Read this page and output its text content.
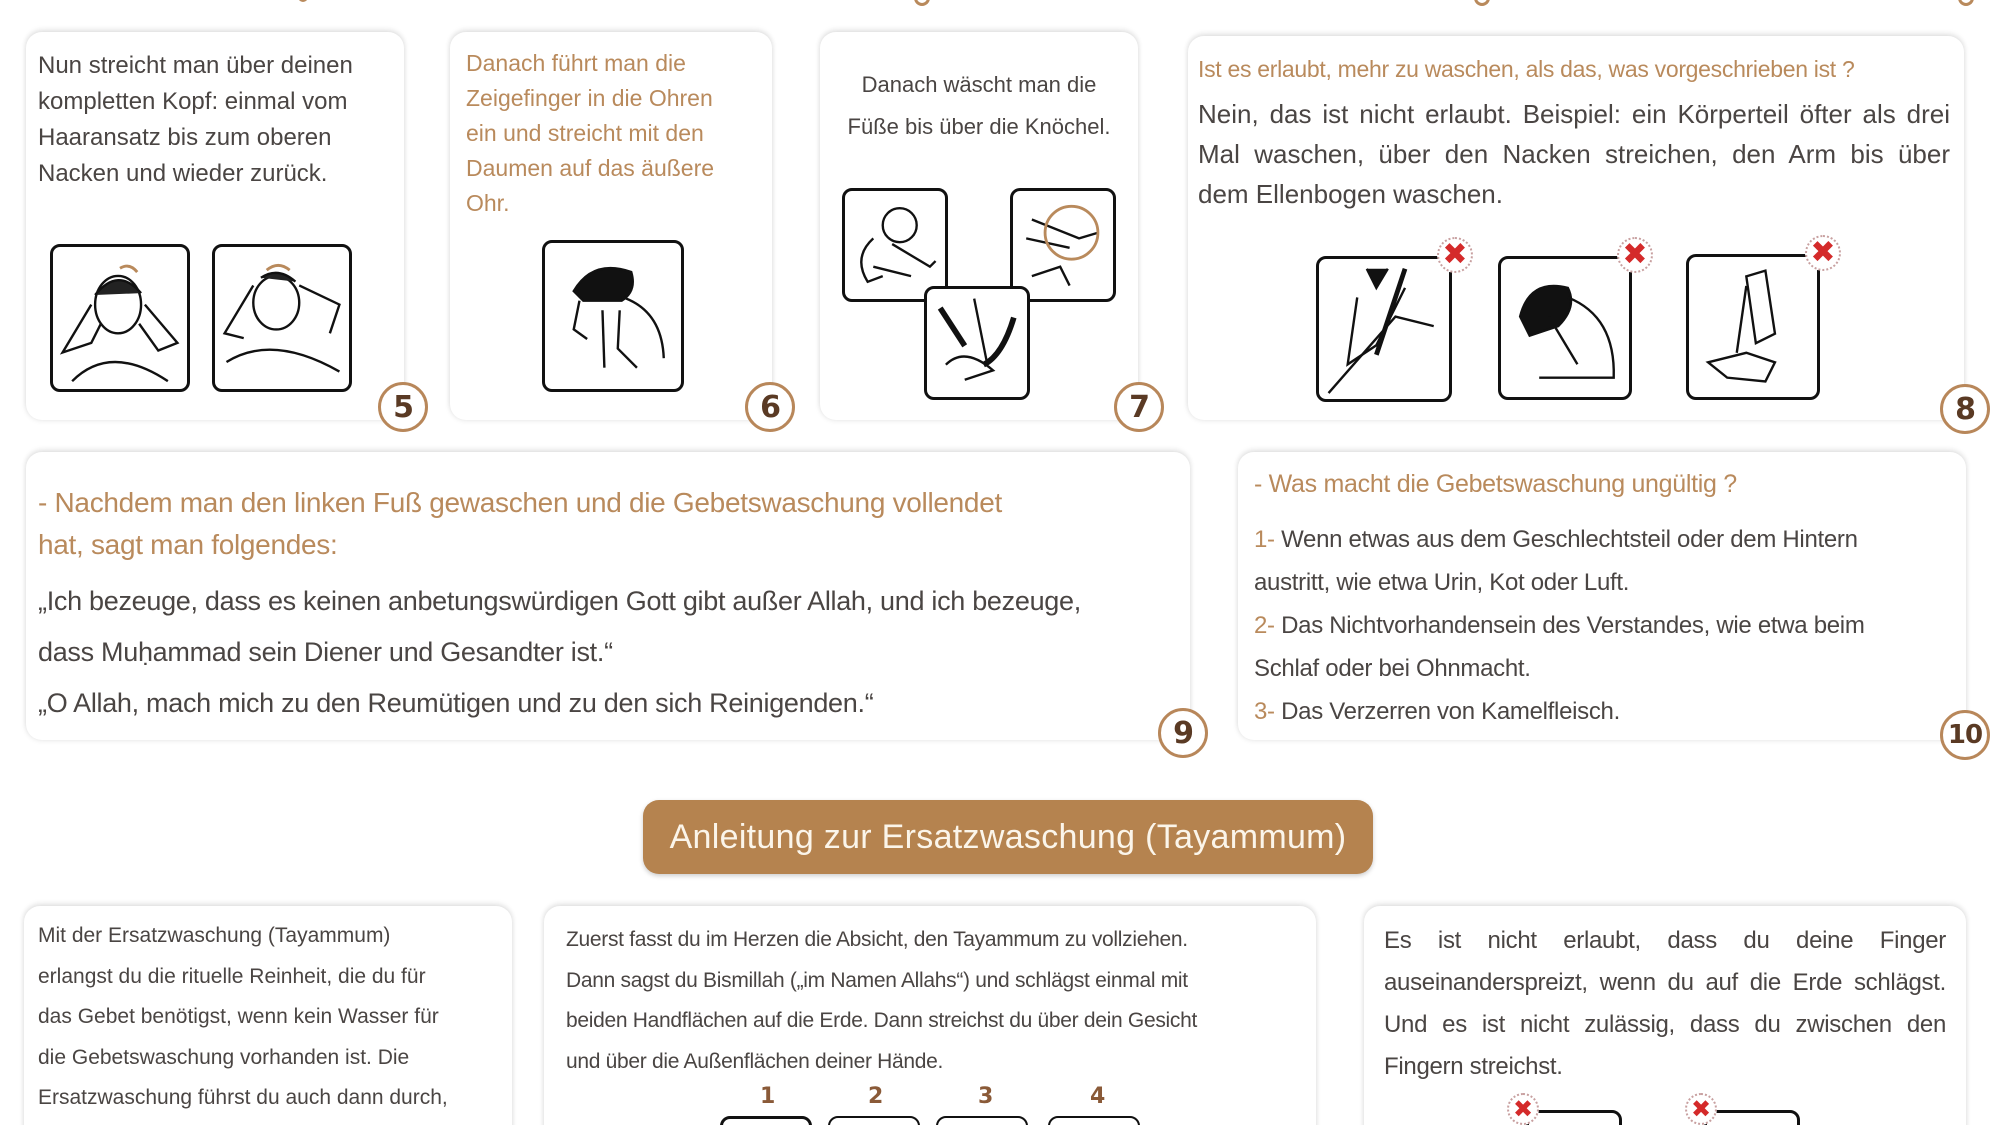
Nun streicht man über deinen
kompletten Kopf: einmal vom
Haaransatz bis zum oberen
Nacken und wieder zurück.
5
Danach führt man die
Zeigefinger in die Ohren
ein und streicht mit den
Daumen auf das äußere
Ohr.
6
Danach wäscht man die
Füße bis über die Knöchel.
7
Ist es erlaubt, mehr zu waschen, als das, was vorgeschrieben ist ?
Nein, das ist nicht erlaubt. Beispiel: ein Körperteil öfter als drei
Mal waschen, über den Nacken streichen, den Arm bis über
dem Ellenbogen waschen.
✖	✖	✖
8
- Nachdem man den linken Fuß gewaschen und die Gebetswaschung vollendet
hat, sagt man folgendes:
„Ich bezeuge, dass es keinen anbetungswürdigen Gott gibt außer Allah, und ich bezeuge,
dass Muḥammad sein Diener und Gesandter ist.“
„O Allah, mach mich zu den Reumütigen und zu den sich Reinigenden.“
9
- Was macht die Gebetswaschung ungültig ?
1- Wenn etwas aus dem Geschlechtsteil oder dem Hintern
austritt, wie etwa Urin, Kot oder Luft.
2- Das Nichtvorhandensein des Verstandes, wie etwa beim
Schlaf oder bei Ohnmacht.
3- Das Verzerren von Kamelfleisch.
10
Anleitung zur Ersatzwaschung (Tayammum)
Mit der Ersatzwaschung (Tayammum)
erlangst du die rituelle Reinheit, die du für
das Gebet benötigst, wenn kein Wasser für
die Gebetswaschung vorhanden ist. Die
Ersatzwaschung führst du auch dann durch,
Zuerst fasst du im Herzen die Absicht, den Tayammum zu vollziehen.
Dann sagst du Bismillah („im Namen Allahs“) und schlägst einmal mit
beiden Handflächen auf die Erde. Dann streichst du über dein Gesicht
und über die Außenflächen deiner Hände.
1	2	3	4
Es ist nicht erlaubt, dass du deine Finger
auseinanderspreizt, wenn du auf die Erde schlägst.
Und es ist nicht zulässig, dass du zwischen den
Fingern streichst.
✖	✖
